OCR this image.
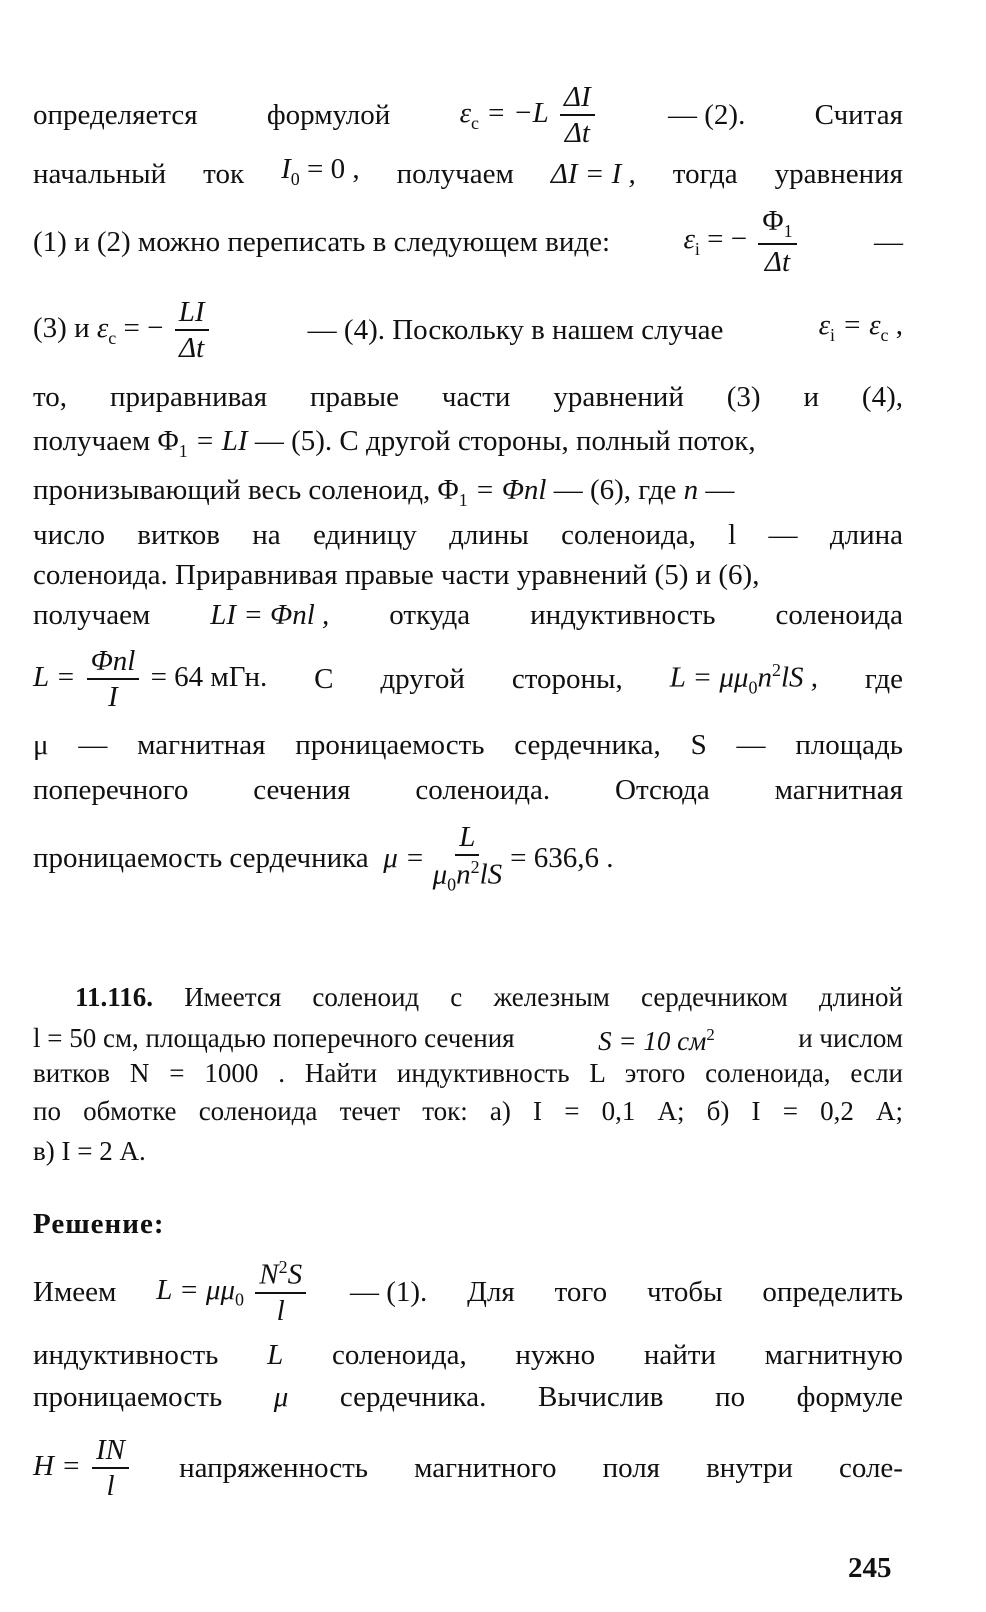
определяется формулой $\varepsilon_c = -L \frac{\Delta I}{\Delta t}$	— (2). Считая
начальный ток $I_0 = 0$ , получаем ΔI = I , тогда уравнения
(1) и (2) можно переписать в следующем виде:	$\varepsilon_i$ = − $\frac{\Phi_1}{\Delta t}$	—
(3) и $\varepsilon_c$ = − $\frac{LI}{\Delta t}$	— (4). Поскольку в нашем случае	$\varepsilon_i = \varepsilon_c$ ,
то, приравнивая правые части уравнений (3) и (4),
получаем $\Phi_1$ = LI — (5). С другой стороны, полный поток,
пронизывающий весь соленоид, $\Phi_1 = \Phi nl$ — (6), где n —
число витков на единицу длины соленоида, l — длина
соленоида. Приравнивая правые части уравнений (5) и (6),
получаем LI = Φnl , откуда индуктивность соленоида
$L = \frac{\text{Φnl}}{I} = 64$ мГн. С другой стороны, $L = \mu\mu_0n^2lS$ , где
μ — магнитная проницаемость сердечника, S — площадь
поперечного сечения соленоида. Отсюда магнитная
проницаемость сердечника
$\mu = \frac{L}{\mu_0n^2lS} = 636,6$ .
11.116. Имеется соленоид с железным сердечником длиной
l = 50 см, площадью поперечного сечения	S = 10 $см^2$	и числом
витков N = 1000 . Найти индуктивность L этого соленоида, если
по обмотке соленоида течет ток: а) I = 0,1 А; б) I = 0,2 А;
в) I = 2 А.
Решение:
Имеем $L = \mu\mu_0 \frac{N^2S}{l}$ — (1). Для того чтобы определить
индуктивность L соленоида, нужно найти магнитную
проницаемость μ сердечника. Вычислив по формуле
$H = \frac{IN}{l}$ напряженность магнитного поля внутри соле-
245
